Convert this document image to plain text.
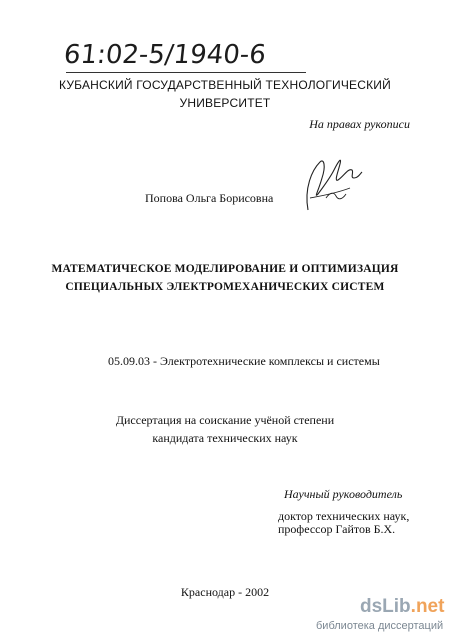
61:02-5/1940-6
КУБАНСКИЙ ГОСУДАРСТВЕННЫЙ ТЕХНОЛОГИЧЕСКИЙ
УНИВЕРСИТЕТ
На правах рукописи
Попова Ольга Борисовна
МАТЕМАТИЧЕСКОЕ МОДЕЛИРОВАНИЕ И ОПТИМИЗАЦИЯ
СПЕЦИАЛЬНЫХ ЭЛЕКТРОМЕХАНИЧЕСКИХ СИСТЕМ
05.09.03 - Электротехнические комплексы и системы
Диссертация на соискание учёной степени
кандидата технических наук
Научный руководитель
доктор технических наук,
профессор Гайтов Б.Х.
Краснодар - 2002
dsLib.net
библиотека диссертаций
